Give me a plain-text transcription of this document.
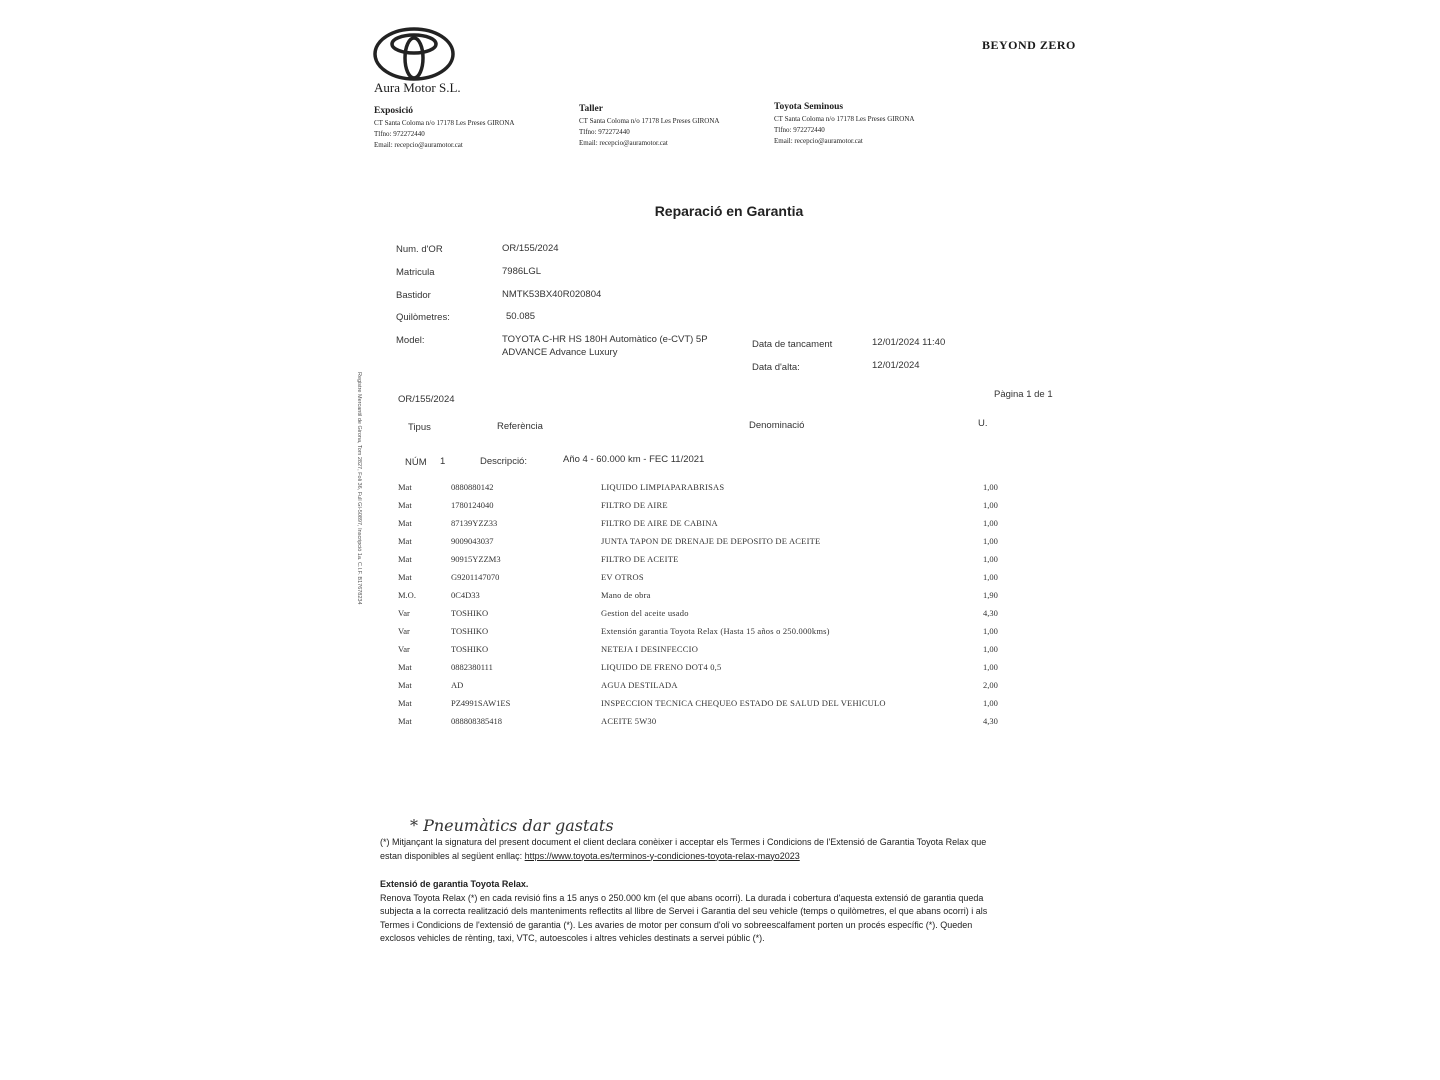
Aura Motor S.L.
BEYOND ZERO
Exposició
CT Santa Coloma n/o 17178 Les Preses GIRONA
Tlfno: 972272440
Email: recepcio@auramotor.cat
Taller
CT Santa Coloma n/o 17178 Les Preses GIRONA
Tlfno: 972272440
Email: recepcio@auramotor.cat
Toyota Seminous
CT Santa Coloma n/o 17178 Les Preses GIRONA
Tlfno: 972272440
Email: recepcio@auramotor.cat
Reparació en Garantia
Num. d'OR	OR/155/2024
Matricula	7986LGL
Bastidor	NMTK53BX40R020804
Quilòmetres:	50.085
Model:	TOYOTA C-HR HS 180H Automàtico (e-CVT) 5P
ADVANCE Advance Luxury
Data de tancament	12/01/2024 11:40
Data d'alta:	12/01/2024
Pàgina 1 de 1
OR/155/2024
Registre Mercantil de Girona, Tom 2827, Foli 36, Full GI-50897, Inscripció 1a. C.I.F. B17678234	Tipus	Referència	Denominació	U.
NÚM 1	Descripció:	Año 4 - 60.000 km - FEC 11/2021
Mat	0880880142	LIQUIDO LIMPIAPARABRISAS	1,00
Mat	1780124040	FILTRO DE AIRE	1,00
Mat	87139YZZ33	FILTRO DE AIRE DE CABINA	1,00
Mat	9009043037	JUNTA TAPON DE DRENAJE DE DEPOSITO DE ACEITE	1,00
Mat	90915YZZM3	FILTRO DE ACEITE	1,00
Mat	G9201147070	EV OTROS	1,00
M.O.	0C4D33	Mano de obra	1,90
Var	TOSHIKO	Gestion del aceite usado	4,30
Var	TOSHIKO	Extensión garantia Toyota Relax (Hasta 15 años o 250.000kms)	1,00
Var	TOSHIKO	NETEJA I DESINFECCIO	1,00
Mat	0882380111	LIQUIDO DE FRENO DOT4 0,5	1,00
Mat	AD	AGUA DESTILADA	2,00
Mat	PZ4991SAW1ES	INSPECCION TECNICA CHEQUEO ESTADO DE SALUD DEL VEHICULO	1,00
Mat	088808385418	ACEITE 5W30	4,30
* Pneumàtics dar gastats
(*) Mitjançant la signatura del present document el client declara conèixer i acceptar els Termes i Condicions de l'Extensió de Garantia Toyota Relax que
estan disponibles al següent enllaç: https://www.toyota.es/terminos-y-condiciones-toyota-relax-mayo2023
Extensió de garantia Toyota Relax.
Renova Toyota Relax (*) en cada revisió fins a 15 anys o 250.000 km (el que abans ocorri). La durada i cobertura d'aquesta extensió de garantia queda
subjecta a la correcta realització dels manteniments reflectits al llibre de Servei i Garantia del seu vehicle (temps o quilòmetres, el que abans ocorri) i als
Termes i Condicions de l'extensió de garantia (*). Les avaries de motor per consum d'oli vo sobreescalfament porten un procés específic (*). Queden
exclosos vehicles de rènting, taxi, VTC, autoescoles i altres vehicles destinats a servei públic (*).
